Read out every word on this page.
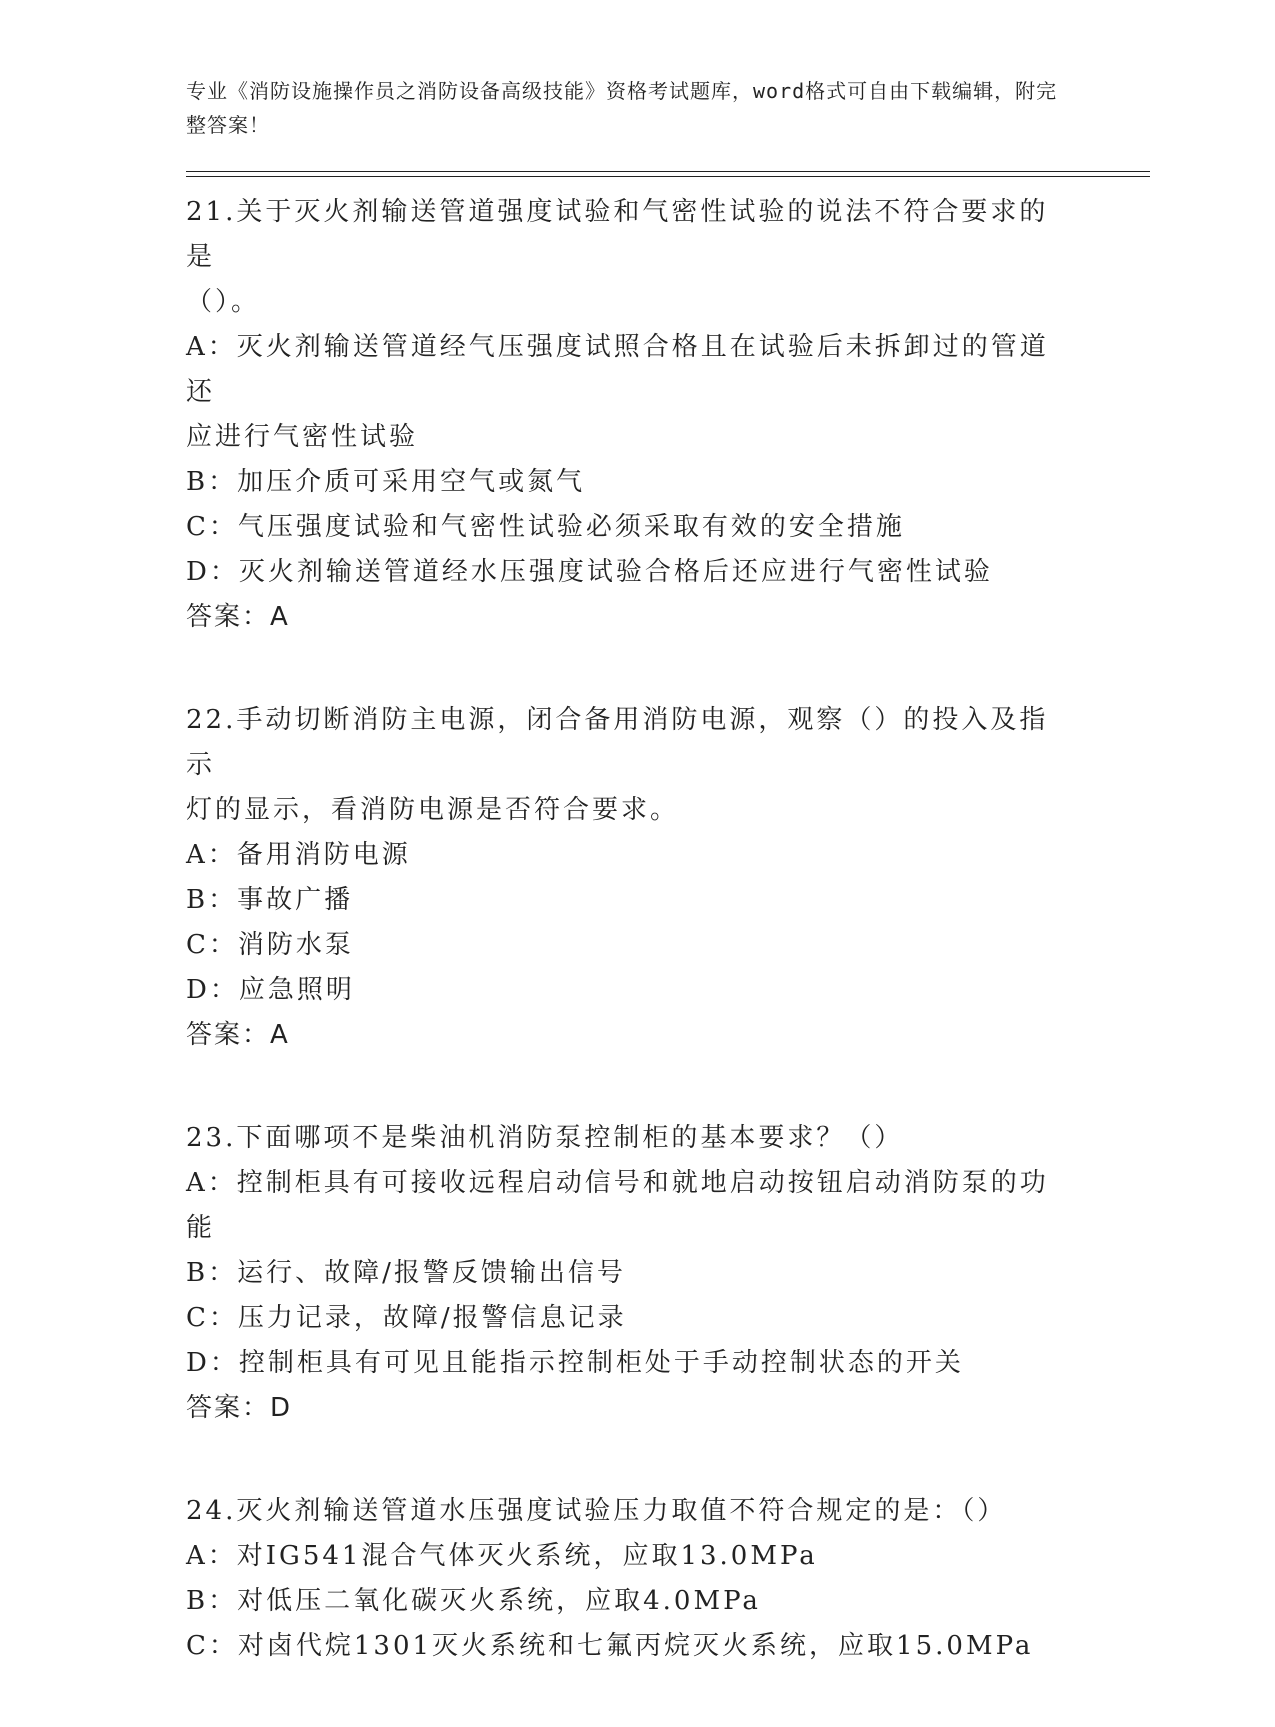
专业《消防设施操作员之消防设备高级技能》资格考试题库，word格式可自由下载编辑，附完整答案！
21.关于灭火剂输送管道强度试验和气密性试验的说法不符合要求的是
（）。
A：灭火剂输送管道经气压强度试照合格且在试验后未拆卸过的管道还
应进行气密性试验
B：加压介质可采用空气或氮气
C：气压强度试验和气密性试验必须采取有效的安全措施
D：灭火剂输送管道经水压强度试验合格后还应进行气密性试验
答案：A
22.手动切断消防主电源，闭合备用消防电源，观察（）的投入及指示
灯的显示，看消防电源是否符合要求。
A：备用消防电源
B：事故广播
C：消防水泵
D：应急照明
答案：A
23.下面哪项不是柴油机消防泵控制柜的基本要求？（）
A：控制柜具有可接收远程启动信号和就地启动按钮启动消防泵的功能
B：运行、故障/报警反馈输出信号
C：压力记录，故障/报警信息记录
D：控制柜具有可见且能指示控制柜处于手动控制状态的开关
答案：D
24.灭火剂输送管道水压强度试验压力取值不符合规定的是：（）
A：对IG541混合气体灭火系统，应取13.0MPa
B：对低压二氧化碳灭火系统，应取4.0MPa
C：对卤代烷1301灭火系统和七氟丙烷灭火系统，应取15.0MPa
